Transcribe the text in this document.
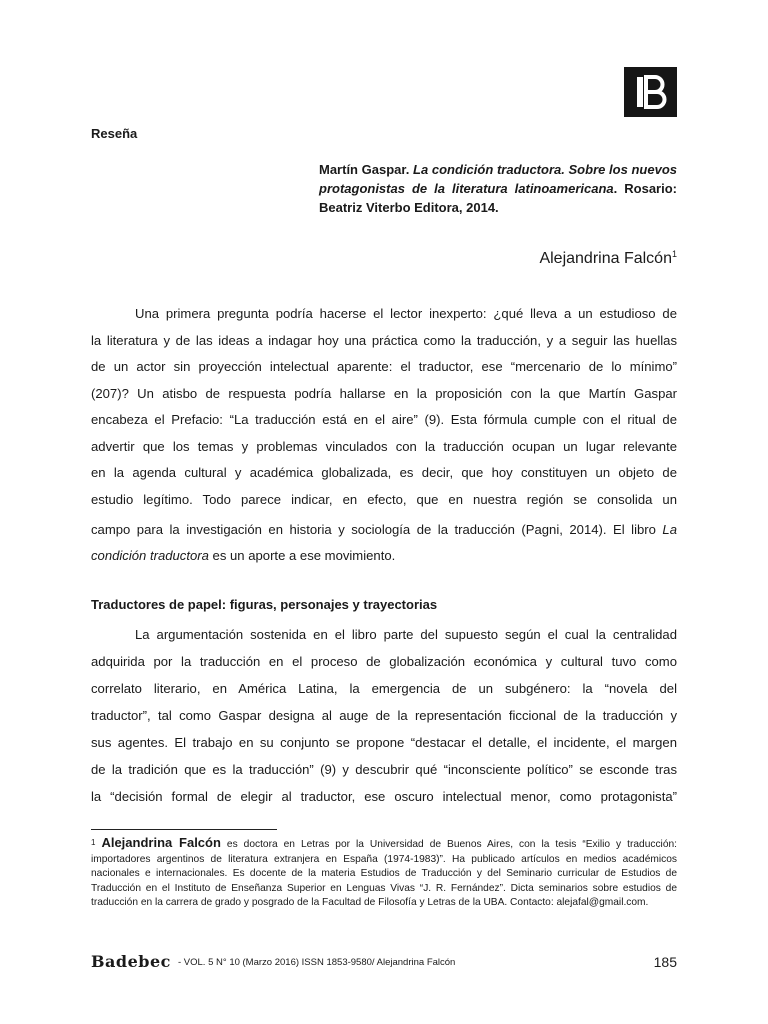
Reseña
Martín Gaspar. La condición traductora. Sobre los nuevos protagonistas de la literatura latinoamericana. Rosario: Beatriz Viterbo Editora, 2014.
Alejandrina Falcón$^1$
Una primera pregunta podría hacerse el lector inexperto: ¿qué lleva a un estudioso de
la literatura y de las ideas a indagar hoy una práctica como la traducción, y a seguir las huellas
de un actor sin proyección intelectual aparente: el traductor, ese “mercenario de lo mínimo”
(207)? Un atisbo de respuesta podría hallarse en la proposición con la que Martín Gaspar
encabeza el Prefacio: “La traducción está en el aire” (9). Esta fórmula cumple con el ritual de
advertir que los temas y problemas vinculados con la traducción ocupan un lugar relevante
en la agenda cultural y académica globalizada, es decir, que hoy constituyen un objeto de
estudio legítimo. Todo parece indicar, en efecto, que en nuestra región se consolida un
campo para la investigación en historia y sociología de la traducción (Pagni, 2014). El libro La
condición traductora es un aporte a ese movimiento.
Traductores de papel: figuras, personajes y trayectorias
La argumentación sostenida en el libro parte del supuesto según el cual la centralidad
adquirida por la traducción en el proceso de globalización económica y cultural tuvo como
correlato literario, en América Latina, la emergencia de un subgénero: la “novela del
traductor”, tal como Gaspar designa al auge de la representación ficcional de la traducción y
sus agentes. El trabajo en su conjunto se propone “destacar el detalle, el incidente, el margen
de la tradición que es la traducción” (9) y descubrir qué “inconsciente político” se esconde tras
la “decisión formal de elegir al traductor, ese oscuro intelectual menor, como protagonista”
$^1$ Alejandrina Falcón es doctora en Letras por la Universidad de Buenos Aires, con la tesis “Exilio y traducción: importadores argentinos de literatura extranjera en España (1974-1983)”. Ha publicado artículos en medios académicos nacionales e internacionales. Es docente de la materia Estudios de Traducción y del Seminario curricular de Estudios de Traducción en el Instituto de Enseñanza Superior en Lenguas Vivas “J. R. Fernández”. Dicta seminarios sobre estudios de traducción en la carrera de grado y posgrado de la Facultad de Filosofía y Letras de la UBA. Contacto: alejafal@gmail.com.
Badebec - VOL. 5 N° 10 (Marzo 2016) ISSN 1853-9580/ Alejandrina Falcón	185
